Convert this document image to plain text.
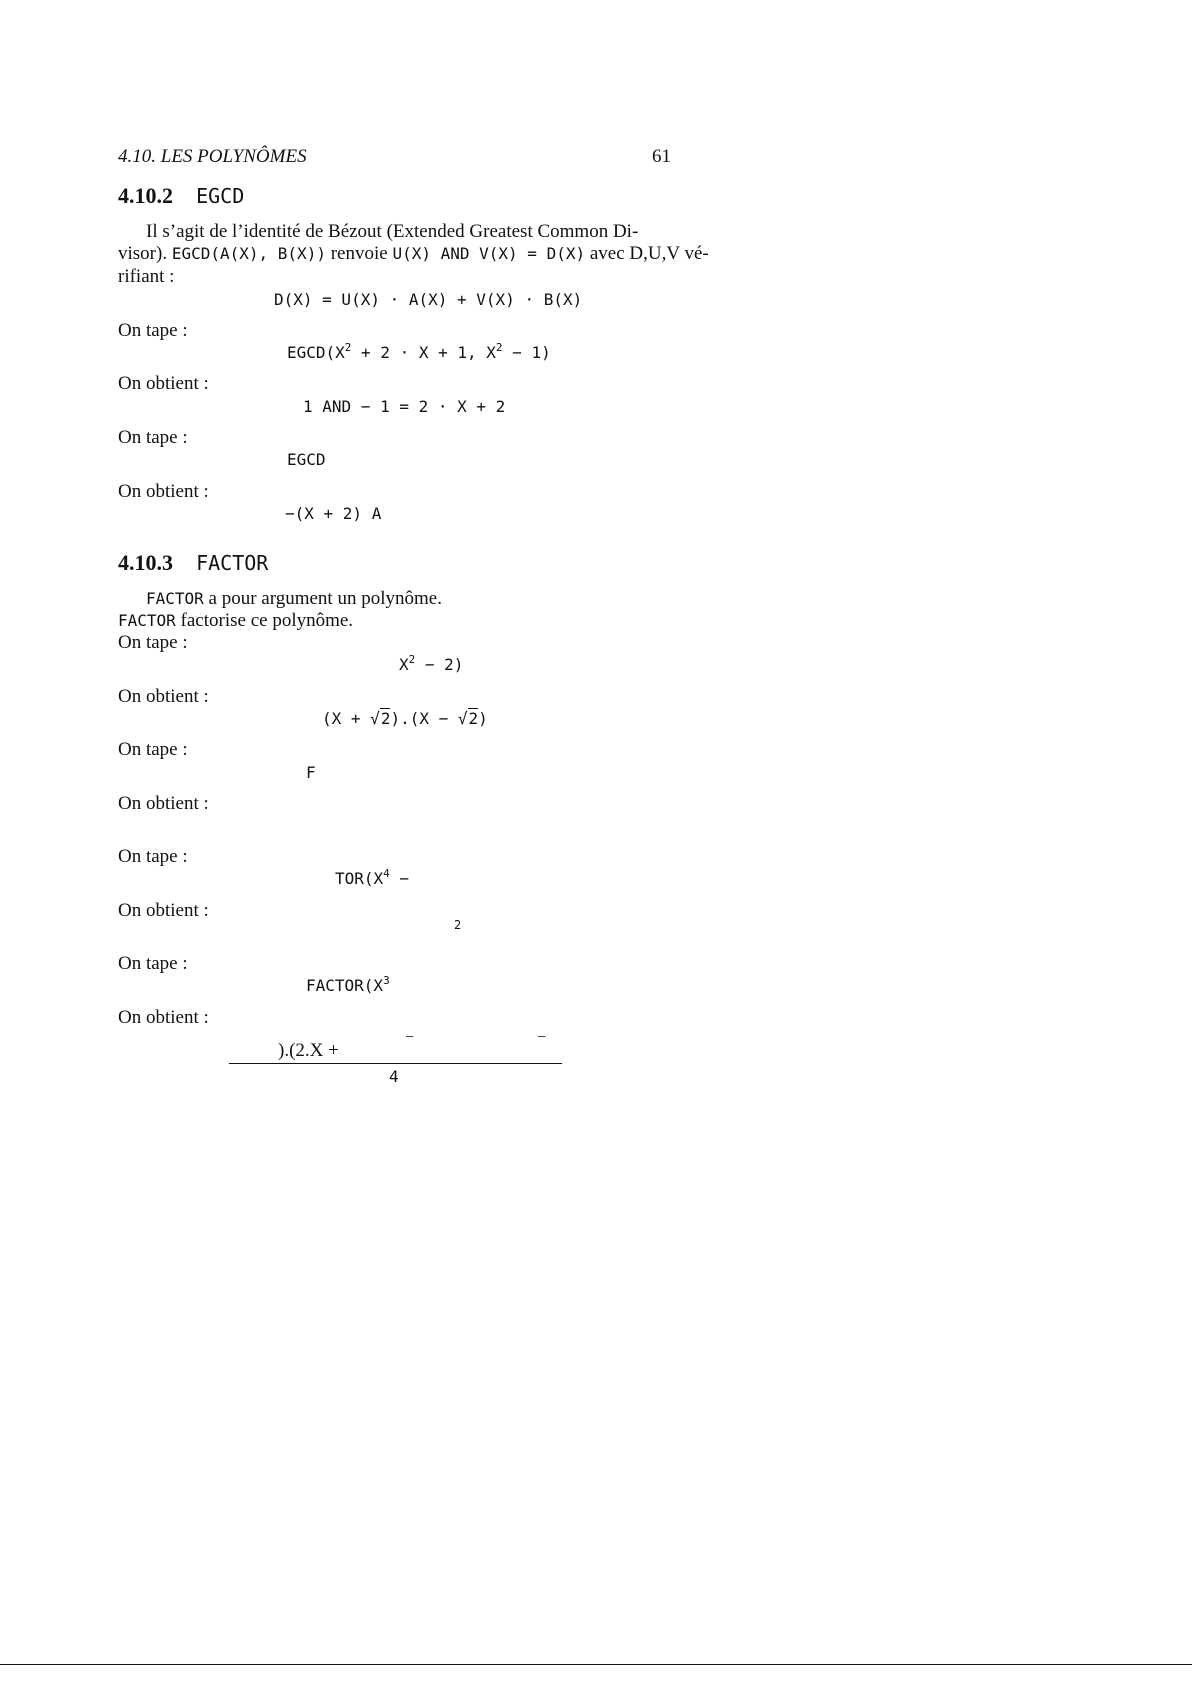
4.10. LES POLYNÔMES	61
4.10.2 EGCD
Il s’agit de l’identité de Bézout (Extended Greatest Common Di-
visor). EGCD(A(X), B(X)) renvoie U(X) AND V(X) = D(X) avec D,U,V vé-
rifiant :
D(X) = U(X) · A(X) + V(X) · B(X)
On tape :
$EGCD(X^2 + 2 \cdot X + 1$, $X^2 - 1$)
On obtient :
1 AND − 1 = 2 · X + 2
On tape :
EGCD
On obtient :
−(X + 2) A
4.10.3 FACTOR
FACTOR a pour argument un polynôme.
FACTOR factorise ce polynôme.
On tape :
$X^2 - 2$)
On obtient :
(X + √2).(X − √2)
On tape :
F
On obtient :
On tape :
$TOR(X^4$ −
On obtient :
2
On tape :
$FACTOR(X^3$
On obtient :
).(2.X +
−	−
4
